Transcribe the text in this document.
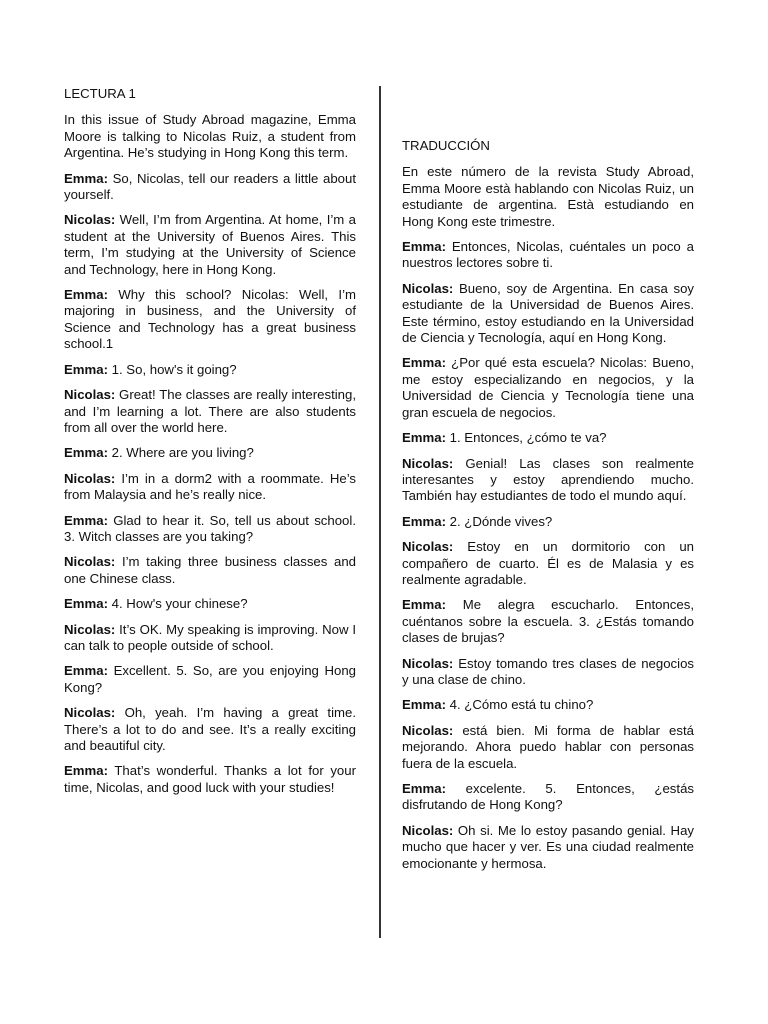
LECTURA 1

In this issue of Study Abroad magazine, Emma Moore is talking to Nicolas Ruiz, a student from Argentina. He’s studying in Hong Kong this term.

Emma: So, Nicolas, tell our readers a little about yourself.

Nicolas: Well, I’m from Argentina. At home, I’m a student at the University of Buenos Aires. This term, I’m studying at the University of Science and Technology, here in Hong Kong.

Emma: Why this school? Nicolas: Well, I’m majoring in business, and the University of Science and Technology has a great business school.1

Emma: 1. So, how's it going?

Nicolas: Great! The classes are really interesting, and I’m learning a lot. There are also students from all over the world here.

Emma: 2. Where are you living?

Nicolas: I’m in a dorm2 with a roommate. He’s from Malaysia and he’s really nice.

Emma: Glad to hear it. So, tell us about school. 3. Witch classes are you taking?

Nicolas: I’m taking three business classes and one Chinese class.

Emma: 4. How's your chinese?

Nicolas: It’s OK. My speaking is improving. Now I can talk to people outside of school.

Emma: Excellent. 5. So, are you enjoying Hong Kong?

Nicolas: Oh, yeah. I’m having a great time. There’s a lot to do and see. It’s a really exciting and beautiful city.

Emma: That’s wonderful. Thanks a lot for your time, Nicolas, and good luck with your studies!

TRADUCCIÓN

En este número de la revista Study Abroad, Emma Moore està hablando con Nicolas Ruiz, un estudiante de argentina. Està estudiando en Hong Kong este trimestre.

Emma: Entonces, Nicolas, cuéntales un poco a nuestros lectores sobre ti.

Nicolas: Bueno, soy de Argentina. En casa soy estudiante de la Universidad de Buenos Aires. Este término, estoy estudiando en la Universidad de Ciencia y Tecnología, aquí en Hong Kong.

Emma: ¿Por qué esta escuela? Nicolas: Bueno, me estoy especializando en negocios, y la Universidad de Ciencia y Tecnología tiene una gran escuela de negocios.

Emma: 1. Entonces, ¿cómo te va?

Nicolas: Genial! Las clases son realmente interesantes y estoy aprendiendo mucho. También hay estudiantes de todo el mundo aquí.

Emma: 2. ¿Dónde vives?

Nicolas: Estoy en un dormitorio con un compañero de cuarto. Él es de Malasia y es realmente agradable.

Emma: Me alegra escucharlo. Entonces, cuéntanos sobre la escuela. 3. ¿Estás tomando clases de brujas?

Nicolas: Estoy tomando tres clases de negocios y una clase de chino.

Emma: 4. ¿Cómo está tu chino?

Nicolas: está bien. Mi forma de hablar está mejorando. Ahora puedo hablar con personas fuera de la escuela.

Emma: excelente. 5. Entonces, ¿estás disfrutando de Hong Kong?

Nicolas: Oh si. Me lo estoy pasando genial. Hay mucho que hacer y ver. Es una ciudad realmente emocionante y hermosa.
